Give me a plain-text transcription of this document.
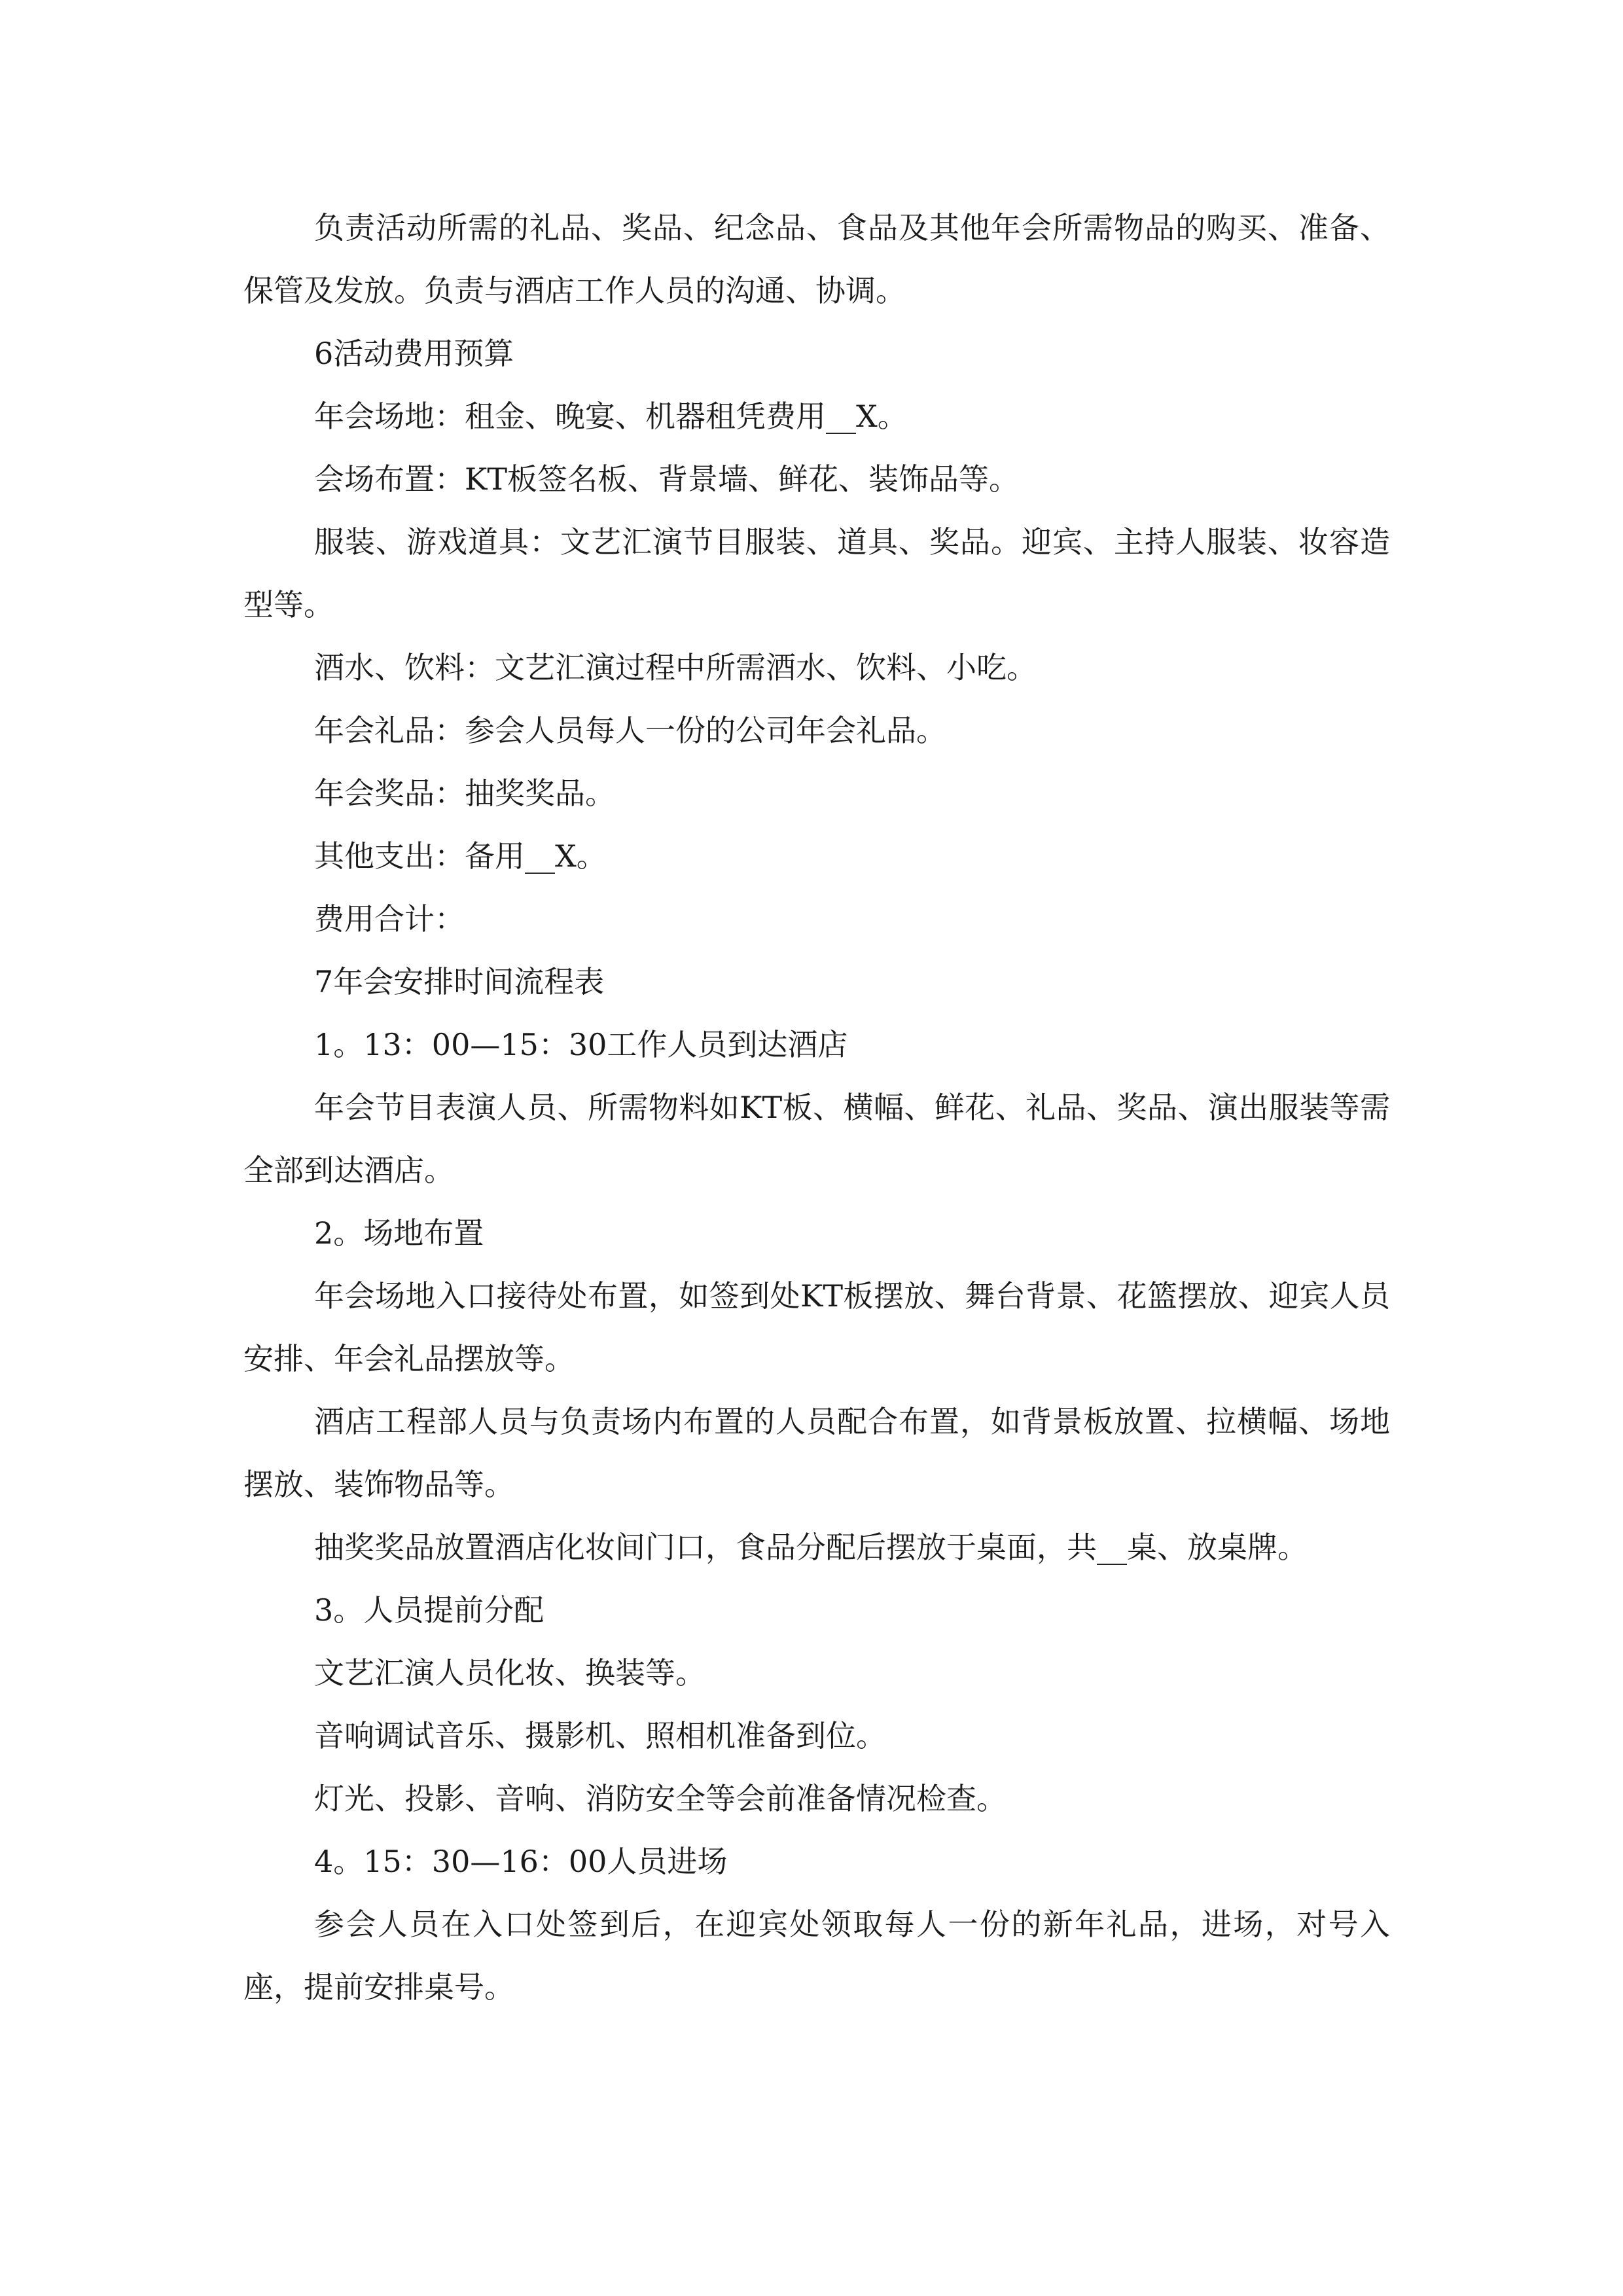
负责活动所需的礼品、奖品、纪念品、食品及其他年会所需物品的购买、准备、保管及发放。负责与酒店工作人员的沟通、协调。

6活动费用预算

年会场地：租金、晚宴、机器租凭费用__X。

会场布置：KT板签名板、背景墙、鲜花、装饰品等。

服装、游戏道具：文艺汇演节目服装、道具、奖品。迎宾、主持人服装、妆容造型等。

酒水、饮料：文艺汇演过程中所需酒水、饮料、小吃。

年会礼品：参会人员每人一份的公司年会礼品。

年会奖品：抽奖奖品。

其他支出：备用__X。

费用合计：

7年会安排时间流程表

1。13：00—15：30工作人员到达酒店

年会节目表演人员、所需物料如KT板、横幅、鲜花、礼品、奖品、演出服装等需全部到达酒店。

2。场地布置

年会场地入口接待处布置，如签到处KT板摆放、舞台背景、花篮摆放、迎宾人员安排、年会礼品摆放等。

酒店工程部人员与负责场内布置的人员配合布置，如背景板放置、拉横幅、场地摆放、装饰物品等。

抽奖奖品放置酒店化妆间门口，食品分配后摆放于桌面，共__桌、放桌牌。

3。人员提前分配

文艺汇演人员化妆、换装等。

音响调试音乐、摄影机、照相机准备到位。

灯光、投影、音响、消防安全等会前准备情况检查。

4。15：30—16：00人员进场

参会人员在入口处签到后，在迎宾处领取每人一份的新年礼品，进场，对号入座，提前安排桌号。
